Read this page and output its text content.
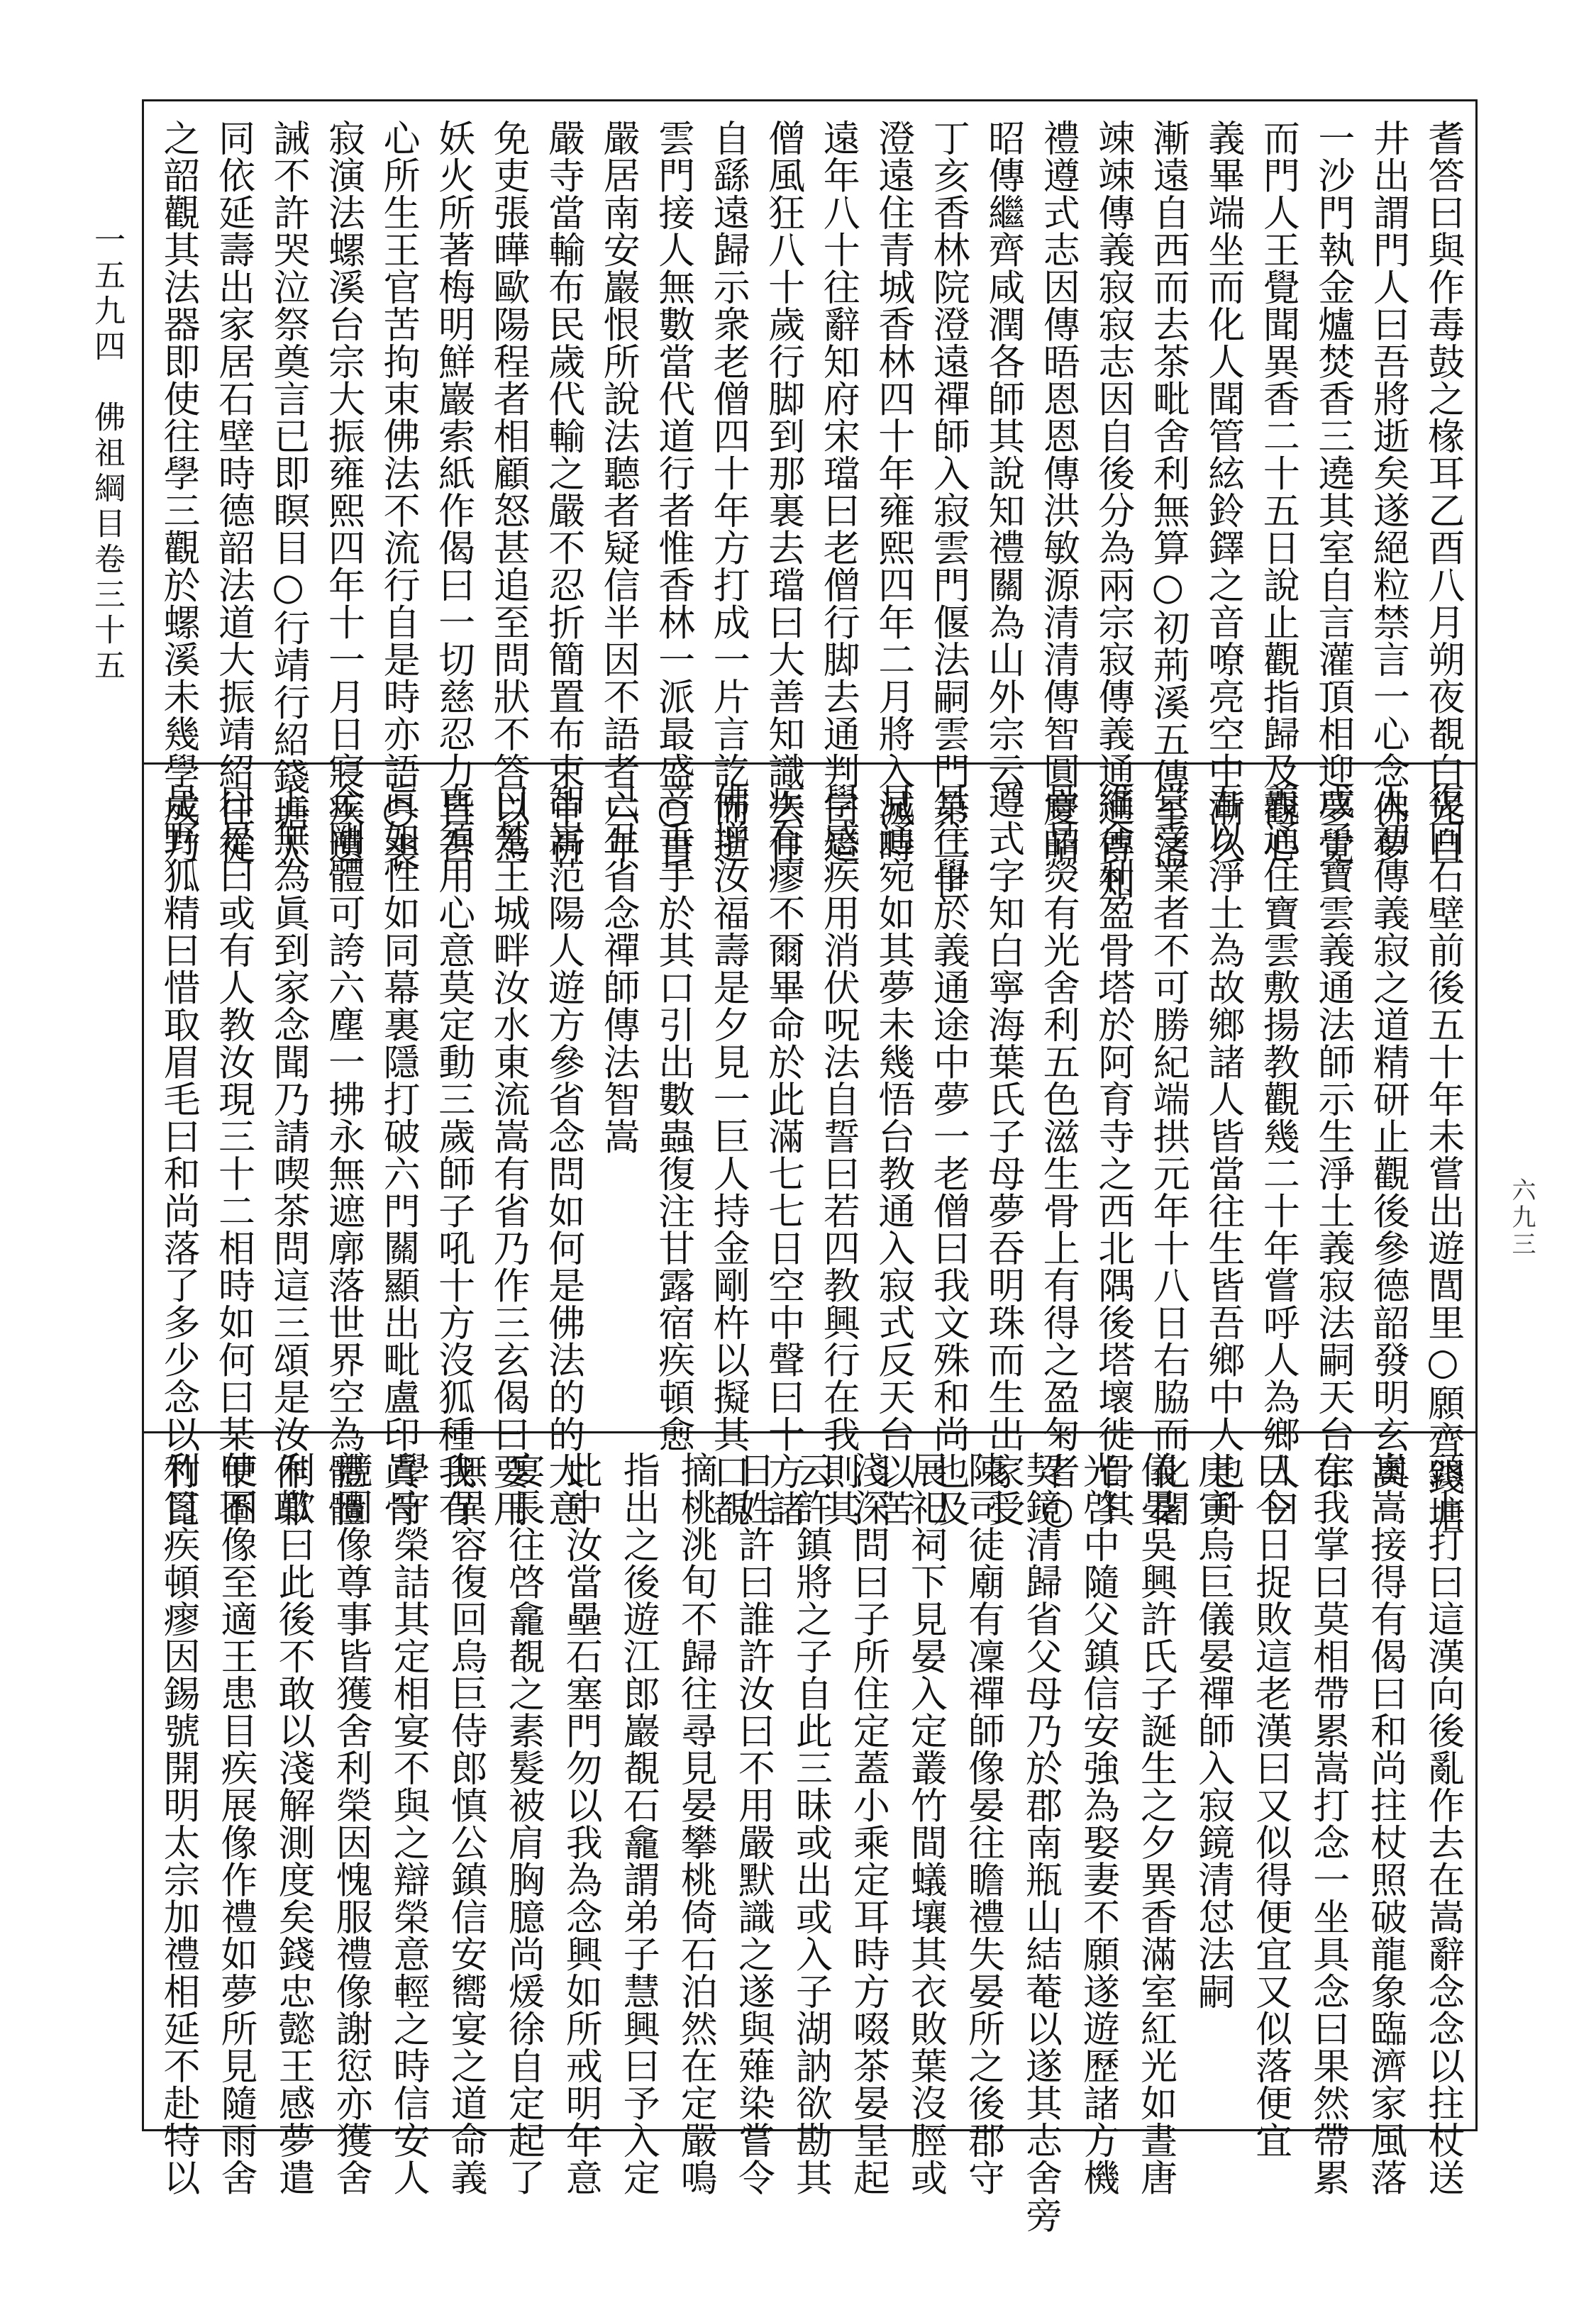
一五九四　佛祖綱目卷三十五
六九三
耆答曰與作毒鼓之椽耳乙酉八月朔夜覩白光自
井出謂門人曰吾將逝矣遂絕粒禁言一心念佛夢
一沙門執金爐焚香三遶其室自言灌頂相迎夢覺
而門人王覺聞異香二十五日說止觀指歸及觀心
義畢端坐而化人聞管絃鈴鐸之音嘹亮空中漸久
漸遠自西而去茶毗舍利無算○初荊溪五傳至清
竦竦傳義寂寂志因自後分為兩宗寂傳義通通傳知
禮遵式志因傳晤恩恩傳洪敏源清清傳智圓慶昭
昭傳繼齊咸潤各師其說知禮關為山外宗云
丁亥香林院澄遠禪師入寂雲門偃法嗣雲門第二世
澄遠住青城香林四十年雍熙四年二月將入滅時
遠年八十往辭知府宋璫曰老僧行脚去通判曰這
僧風狂八十歲行脚到那裏去璫曰大善知識去住
自繇遠歸示衆老僧四十年方打成一片言訖而逝
雲門接人無數當代道行者惟香林一派最盛○自
嚴居南安巖恨所說法聽者疑信半因不語者六年
嚴寺當輸布民歲代輸之嚴不忍折簡置布束中祈
免吏張曄歐陽程者相顧怒甚追至問狀不答以為
妖火所著梅明鮮巖索紙作偈曰一切慈忍力皆吾
心所生王官苦拘束佛法不流行自是時亦語○裘
寂演法螺溪台宗大振雍熙四年十一月日寢疾遺
誡不許哭泣祭奠言已即瞑目○行靖行紹錢塘人
同依延壽出家居石壁時德韶法道大振靖紹往從
之韶觀其法器即使往學三觀於螺溪未幾學成乃
復回石壁前後五十年未嘗出遊閭里○願齊錢塘
人初傳義寂之道精研止觀後參德韶發明玄奧
戊子寶雲義通法師示生淨土義寂法嗣天台宗
義通住寶雲敷揚教觀幾二十年嘗呼人為鄉人曰
吾以淨土為故鄉諸人皆當往生皆吾鄉中人也升
堂受業者不可勝紀端拱元年十八日右脇而化闍
維舍利盈骨塔於阿育寺之西北隅後塔壞徙骨其
骨晶熒有光舍利五色滋生骨上有得之盈匊者○
遵式字知白寧海葉氏子母夢吞明珠而生出家受
具往學於義通途中夢一老僧曰我文殊和尚也及
見通宛如其夢未幾悟台教通入寂式反天台以苦
學感疾用消伏呪法自誓曰若四教興行在我則其
疾有瘳不爾畢命於此滿七七日空中聲曰十方諸
佛增汝福壽是夕見一巨人持金剛杵以擬其口覩
音垂手於其口引出數蟲復注甘露宿疾頓愈
己丑省念禪師傳法智嵩
智嵩范陽人遊方參省念問如何是佛法的的大意
曰楚王城畔汝水東流嵩有省乃作三玄偈曰要用
直須用心意莫定動三歲師子吼十方沒狐種我有
眞如性如同幕裏隱打破六門關顯出毗盧印眞骨
金剛體可誇六塵一拂永無遮廓落世界空為體體
上無為眞到家念聞乃請喫茶問這三頌是汝作耶
曰是曰或有人教汝現三十二相時如何曰某甲不
是野狐精曰惜取眉毛曰和尚落了多少念以竹篦
頭上打曰這漢向後亂作去在嵩辭念念以拄杖送
嵩嵩接得有偈曰和尚拄杖照破龍象臨濟家風落
在我掌曰莫相帶累嵩打念一坐具念曰果然帶累
曰今日捉敗這老漢曰又似得便宜又似落便宜
庚寅烏巨儀晏禪師入寂鏡清怤法嗣
儀晏吳興許氏子誕生之夕異香滿室紅光如晝唐
光啓中隨父鎮信安強為娶妻不願遂遊歷諸方機
契鏡清歸省父母乃於郡南瓶山結菴以遂其志舍旁
陳司徒廟有凜禪師像晏往瞻禮失晏所之後郡守
展祀祠下見晏入定叢竹間蟻壤其衣敗葉沒脛或
淺深問曰子所住定蓋小乘定耳時方啜茶晏呈起
云許鎮將之子自此三昧或出或入子湖訥欲勘其
日姓許曰誰許汝曰不用嚴默識之遂與薙染嘗令
摘桃洮旬不歸往尋見晏攀桃倚石泊然在定嚴鳴
指出之後遊江郎巖覩石龕謂弟子慧興曰予入定
此中汝當壘石塞門勿以我為念興如所戒明年意
宴長往啓龕覩之素髮被肩胸臆尚煖徐自定起了
無異容復回烏巨侍郎慎公鎮信安嚮宴之道命義
學守榮詰其定相宴不與之辯榮意輕之時信安人
競圖像尊事皆獲舍利榮因愧服禮像謝愆亦獲舍
利歎曰此後不敢以淺解測度矣錢忠懿王感夢遣
使圖像至適王患目疾展像作禮如夢所見隨雨舍
利目疾頓瘳因錫號開明太宗加禮相延不赴特以
